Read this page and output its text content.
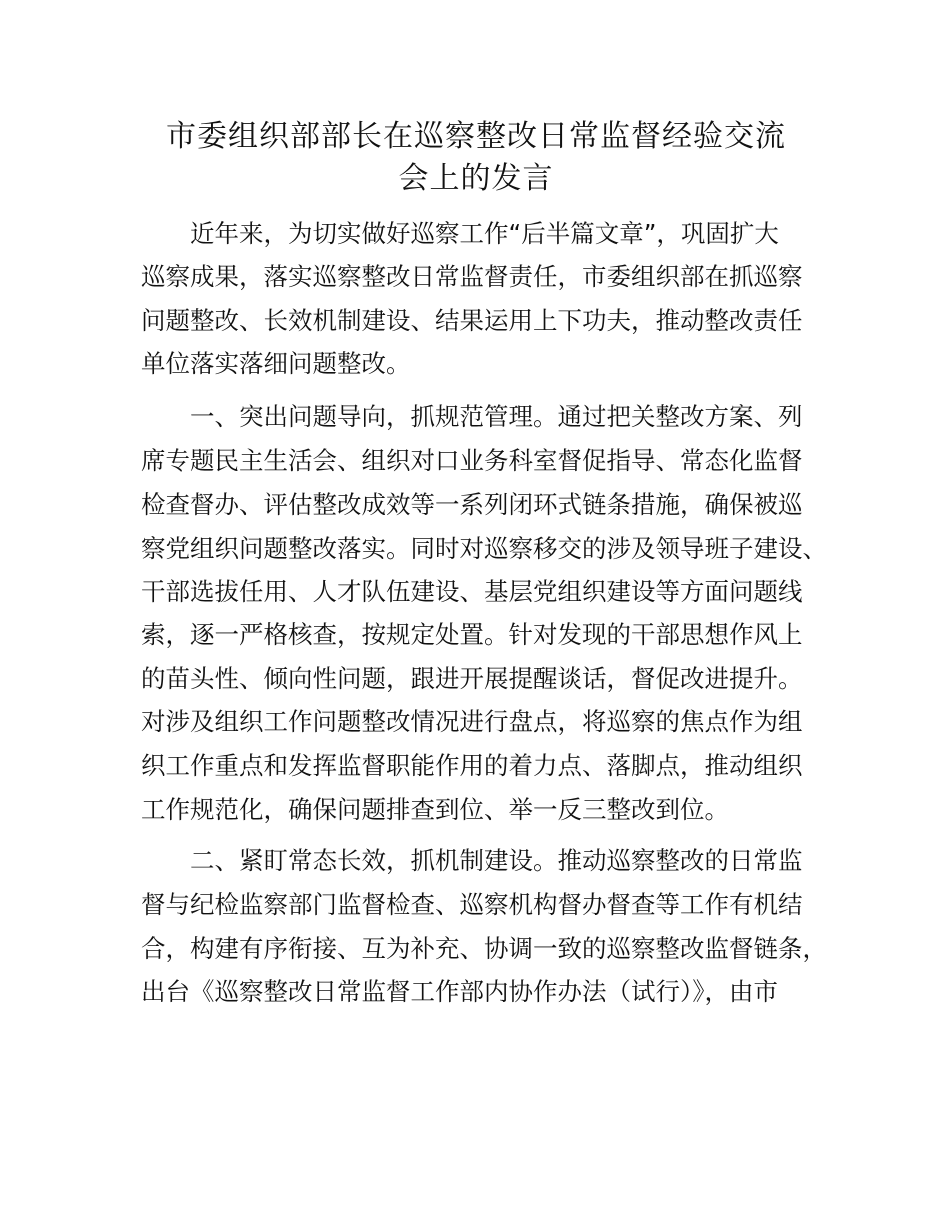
市委组织部部长在巡察整改日常监督经验交流
会上的发言

近年来，为切实做好巡察工作“后半篇文章”，巩固扩大

巡察成果，落实巡察整改日常监督责任，市委组织部在抓巡察

问题整改、长效机制建设、结果运用上下功夫，推动整改责任

单位落实落细问题整改。

一、突出问题导向，抓规范管理。通过把关整改方案、列

席专题民主生活会、组织对口业务科室督促指导、常态化监督

检查督办、评估整改成效等一系列闭环式链条措施，确保被巡

察党组织问题整改落实。同时对巡察移交的涉及领导班子建设、

干部选拔任用、人才队伍建设、基层党组织建设等方面问题线

索，逐一严格核查，按规定处置。针对发现的干部思想作风上

的苗头性、倾向性问题，跟进开展提醒谈话，督促改进提升。

对涉及组织工作问题整改情况进行盘点，将巡察的焦点作为组

织工作重点和发挥监督职能作用的着力点、落脚点，推动组织

工作规范化，确保问题排查到位、举一反三整改到位。

二、紧盯常态长效，抓机制建设。推动巡察整改的日常监

督与纪检监察部门监督检查、巡察机构督办督查等工作有机结

合，构建有序衔接、互为补充、协调一致的巡察整改监督链条，

出台《巡察整改日常监督工作部内协作办法（试行）》，由市
